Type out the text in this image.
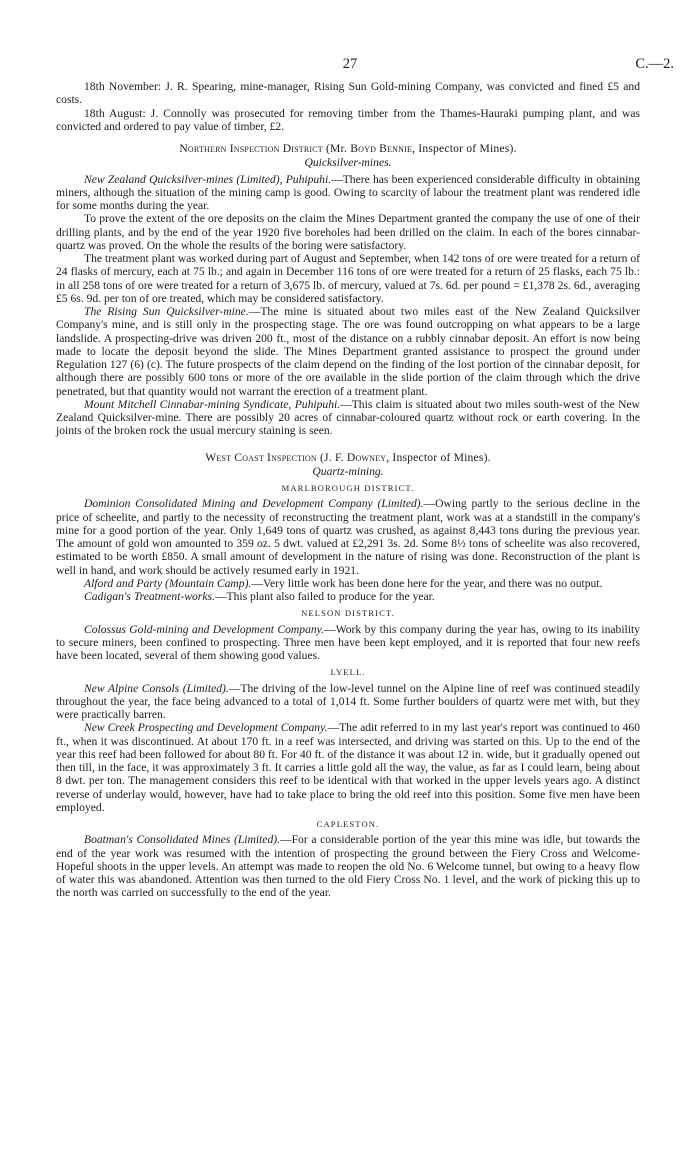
27	C.—2.

18th November: J. R. Spearing, mine-manager, Rising Sun Gold-mining Company, was convicted and fined £5 and costs.

18th August: J. Connolly was prosecuted for removing timber from the Thames-Hauraki pumping plant, and was convicted and ordered to pay value of timber, £2.

Northern Inspection District (Mr. Boyd Bennie, Inspector of Mines).
Quicksilver-mines.

New Zealand Quicksilver-mines (Limited), Puhipuhi.—There has been experienced considerable difficulty in obtaining miners, although the situation of the mining camp is good. Owing to scarcity of labour the treatment plant was rendered idle for some months during the year.

To prove the extent of the ore deposits on the claim the Mines Department granted the company the use of one of their drilling plants, and by the end of the year 1920 five boreholes had been drilled on the claim. In each of the bores cinnabar-quartz was proved. On the whole the results of the boring were satisfactory.

The treatment plant was worked during part of August and September, when 142 tons of ore were treated for a return of 24 flasks of mercury, each at 75 lb.; and again in December 116 tons of ore were treated for a return of 25 flasks, each 75 lb.: in all 258 tons of ore were treated for a return of 3,675 lb. of mercury, valued at 7s. 6d. per pound = £1,378 2s. 6d., averaging £5 6s. 9d. per ton of ore treated, which may be considered satisfactory.

The Rising Sun Quicksilver-mine.—The mine is situated about two miles east of the New Zealand Quicksilver Company's mine, and is still only in the prospecting stage. The ore was found outcropping on what appears to be a large landslide. A prospecting-drive was driven 200 ft., most of the distance on a rubbly cinnabar deposit. An effort is now being made to locate the deposit beyond the slide. The Mines Department granted assistance to prospect the ground under Regulation 127 (6) (c). The future prospects of the claim depend on the finding of the lost portion of the cinnabar deposit, for although there are possibly 600 tons or more of the ore available in the slide portion of the claim through which the drive penetrated, but that quantity would not warrant the erection of a treatment plant.

Mount Mitchell Cinnabar-mining Syndicate, Puhipuhi.—This claim is situated about two miles south-west of the New Zealand Quicksilver-mine. There are possibly 20 acres of cinnabar-coloured quartz without rock or earth covering. In the joints of the broken rock the usual mercury staining is seen.

West Coast Inspection (J. F. Downey, Inspector of Mines).
Quartz-mining.
MARLBOROUGH DISTRICT.

Dominion Consolidated Mining and Development Company (Limited).—Owing partly to the serious decline in the price of scheelite, and partly to the necessity of reconstructing the treatment plant, work was at a standstill in the company's mine for a good portion of the year. Only 1,649 tons of quartz was crushed, as against 8,443 tons during the previous year. The amount of gold won amounted to 359 oz. 5 dwt. valued at £2,291 3s. 2d. Some 8½ tons of scheelite was also recovered, estimated to be worth £850. A small amount of development in the nature of rising was done. Reconstruction of the plant is well in hand, and work should be actively resumed early in 1921.

Alford and Party (Mountain Camp).—Very little work has been done here for the year, and there was no output.

Cadigan's Treatment-works.—This plant also failed to produce for the year.

NELSON DISTRICT.

Colossus Gold-mining and Development Company.—Work by this company during the year has, owing to its inability to secure miners, been confined to prospecting. Three men have been kept employed, and it is reported that four new reefs have been located, several of them showing good values.

LYELL.

New Alpine Consols (Limited).—The driving of the low-level tunnel on the Alpine line of reef was continued steadily throughout the year, the face being advanced to a total of 1,014 ft. Some further boulders of quartz were met with, but they were practically barren.

New Creek Prospecting and Development Company.—The adit referred to in my last year's report was continued to 460 ft., when it was discontinued. At about 170 ft. in a reef was intersected, and driving was started on this. Up to the end of the year this reef had been followed for about 80 ft. For 40 ft. of the distance it was about 12 in. wide, but it gradually opened out then till, in the face, it was approximately 3 ft. It carries a little gold all the way, the value, as far as I could learn, being about 8 dwt. per ton. The management considers this reef to be identical with that worked in the upper levels years ago. A distinct reverse of underlay would, however, have had to take place to bring the old reef into this position. Some five men have been employed.

CAPLESTON.

Boatman's Consolidated Mines (Limited).—For a considerable portion of the year this mine was idle, but towards the end of the year work was resumed with the intention of prospecting the ground between the Fiery Cross and Welcome-Hopeful shoots in the upper levels. An attempt was made to reopen the old No. 6 Welcome tunnel, but owing to a heavy flow of water this was abandoned. Attention was then turned to the old Fiery Cross No. 1 level, and the work of picking this up to the north was carried on successfully to the end of the year.
